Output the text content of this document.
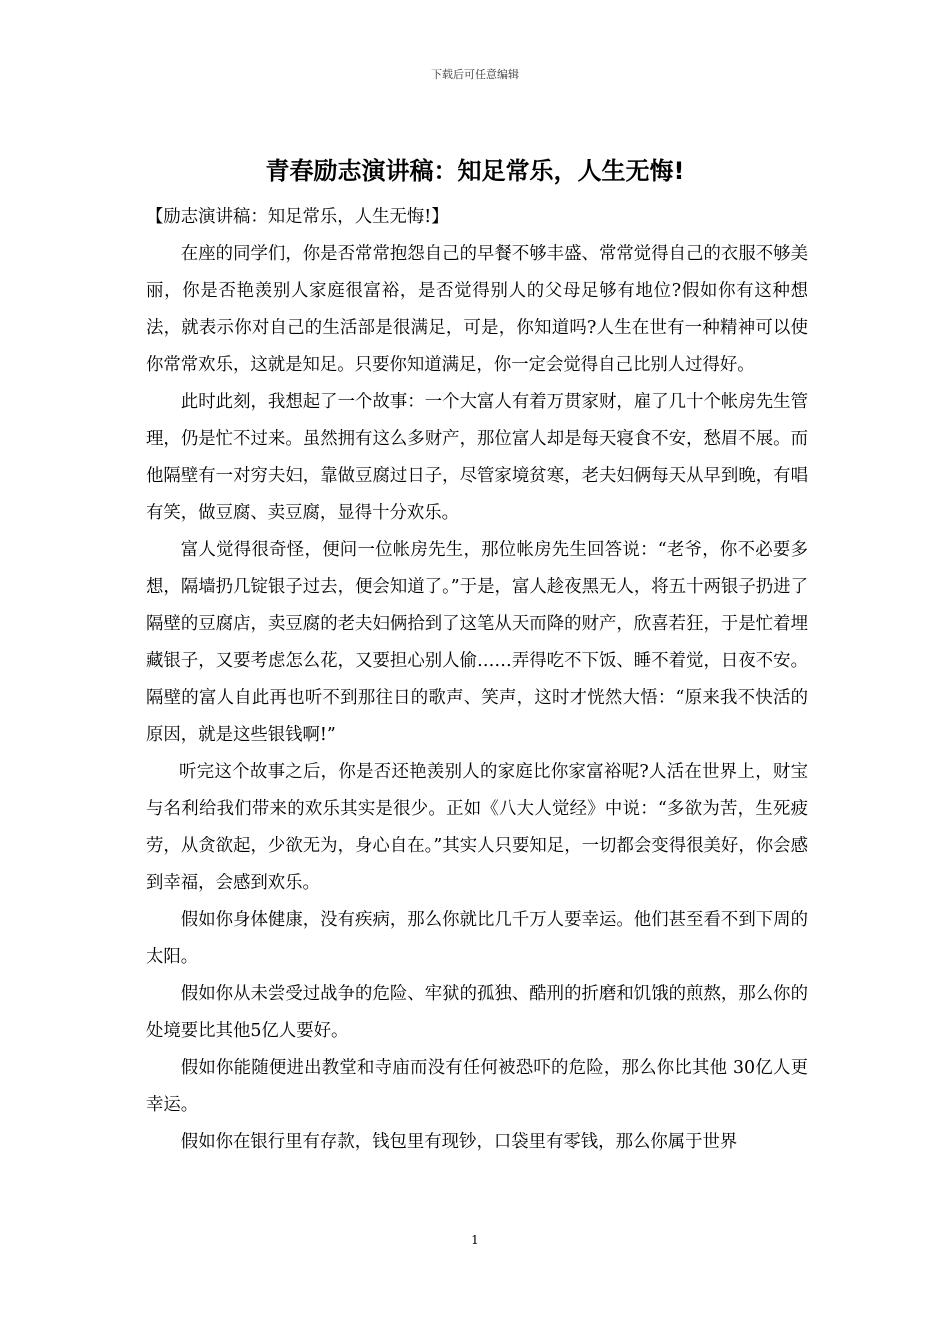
下载后可任意编辑
青春励志演讲稿：知足常乐，人生无悔!

【励志演讲稿：知足常乐，人生无悔!】

在座的同学们，你是否常常抱怨自己的早餐不够丰盛、常常觉得自己的衣服不够美丽，你是否艳羡别人家庭很富裕，是否觉得别人的父母足够有地位?假如你有这种想法，就表示你对自己的生活部是很满足，可是，你知道吗?人生在世有一种精神可以使你常常欢乐，这就是知足。只要你知道满足，你一定会觉得自己比别人过得好。

此时此刻，我想起了一个故事：一个大富人有着万贯家财，雇了几十个帐房先生管理，仍是忙不过来。虽然拥有这么多财产，那位富人却是每天寝食不安，愁眉不展。而他隔壁有一对穷夫妇，靠做豆腐过日子，尽管家境贫寒，老夫妇俩每天从早到晚，有唱有笑，做豆腐、卖豆腐，显得十分欢乐。

富人觉得很奇怪，便问一位帐房先生，那位帐房先生回答说：“老爷，你不必要多想，隔墙扔几锭银子过去，便会知道了。”于是，富人趁夜黑无人，将五十两银子扔进了隔壁的豆腐店，卖豆腐的老夫妇俩拾到了这笔从天而降的财产，欣喜若狂，于是忙着埋藏银子，又要考虑怎么花，又要担心别人偷……弄得吃不下饭、睡不着觉，日夜不安。隔壁的富人自此再也听不到那往日的歌声、笑声，这时才恍然大悟：“原来我不快活的原因，就是这些银钱啊!”

听完这个故事之后，你是否还艳羡别人的家庭比你家富裕呢?人活在世界上，财宝与名利给我们带来的欢乐其实是很少。正如《八大人觉经》中说：“多欲为苦，生死疲劳，从贪欲起，少欲无为，身心自在。”其实人只要知足，一切都会变得很美好，你会感到幸福，会感到欢乐。

假如你身体健康，没有疾病，那么你就比几千万人要幸运。他们甚至看不到下周的太阳。

假如你从未尝受过战争的危险、牢狱的孤独、酷刑的折磨和饥饿的煎熬，那么你的处境要比其他5亿人要好。

假如你能随便进出教堂和寺庙而没有任何被恐吓的危险，那么你比其他 30亿人更幸运。

假如你在银行里有存款，钱包里有现钞，口袋里有零钱，那么你属于世界

1
